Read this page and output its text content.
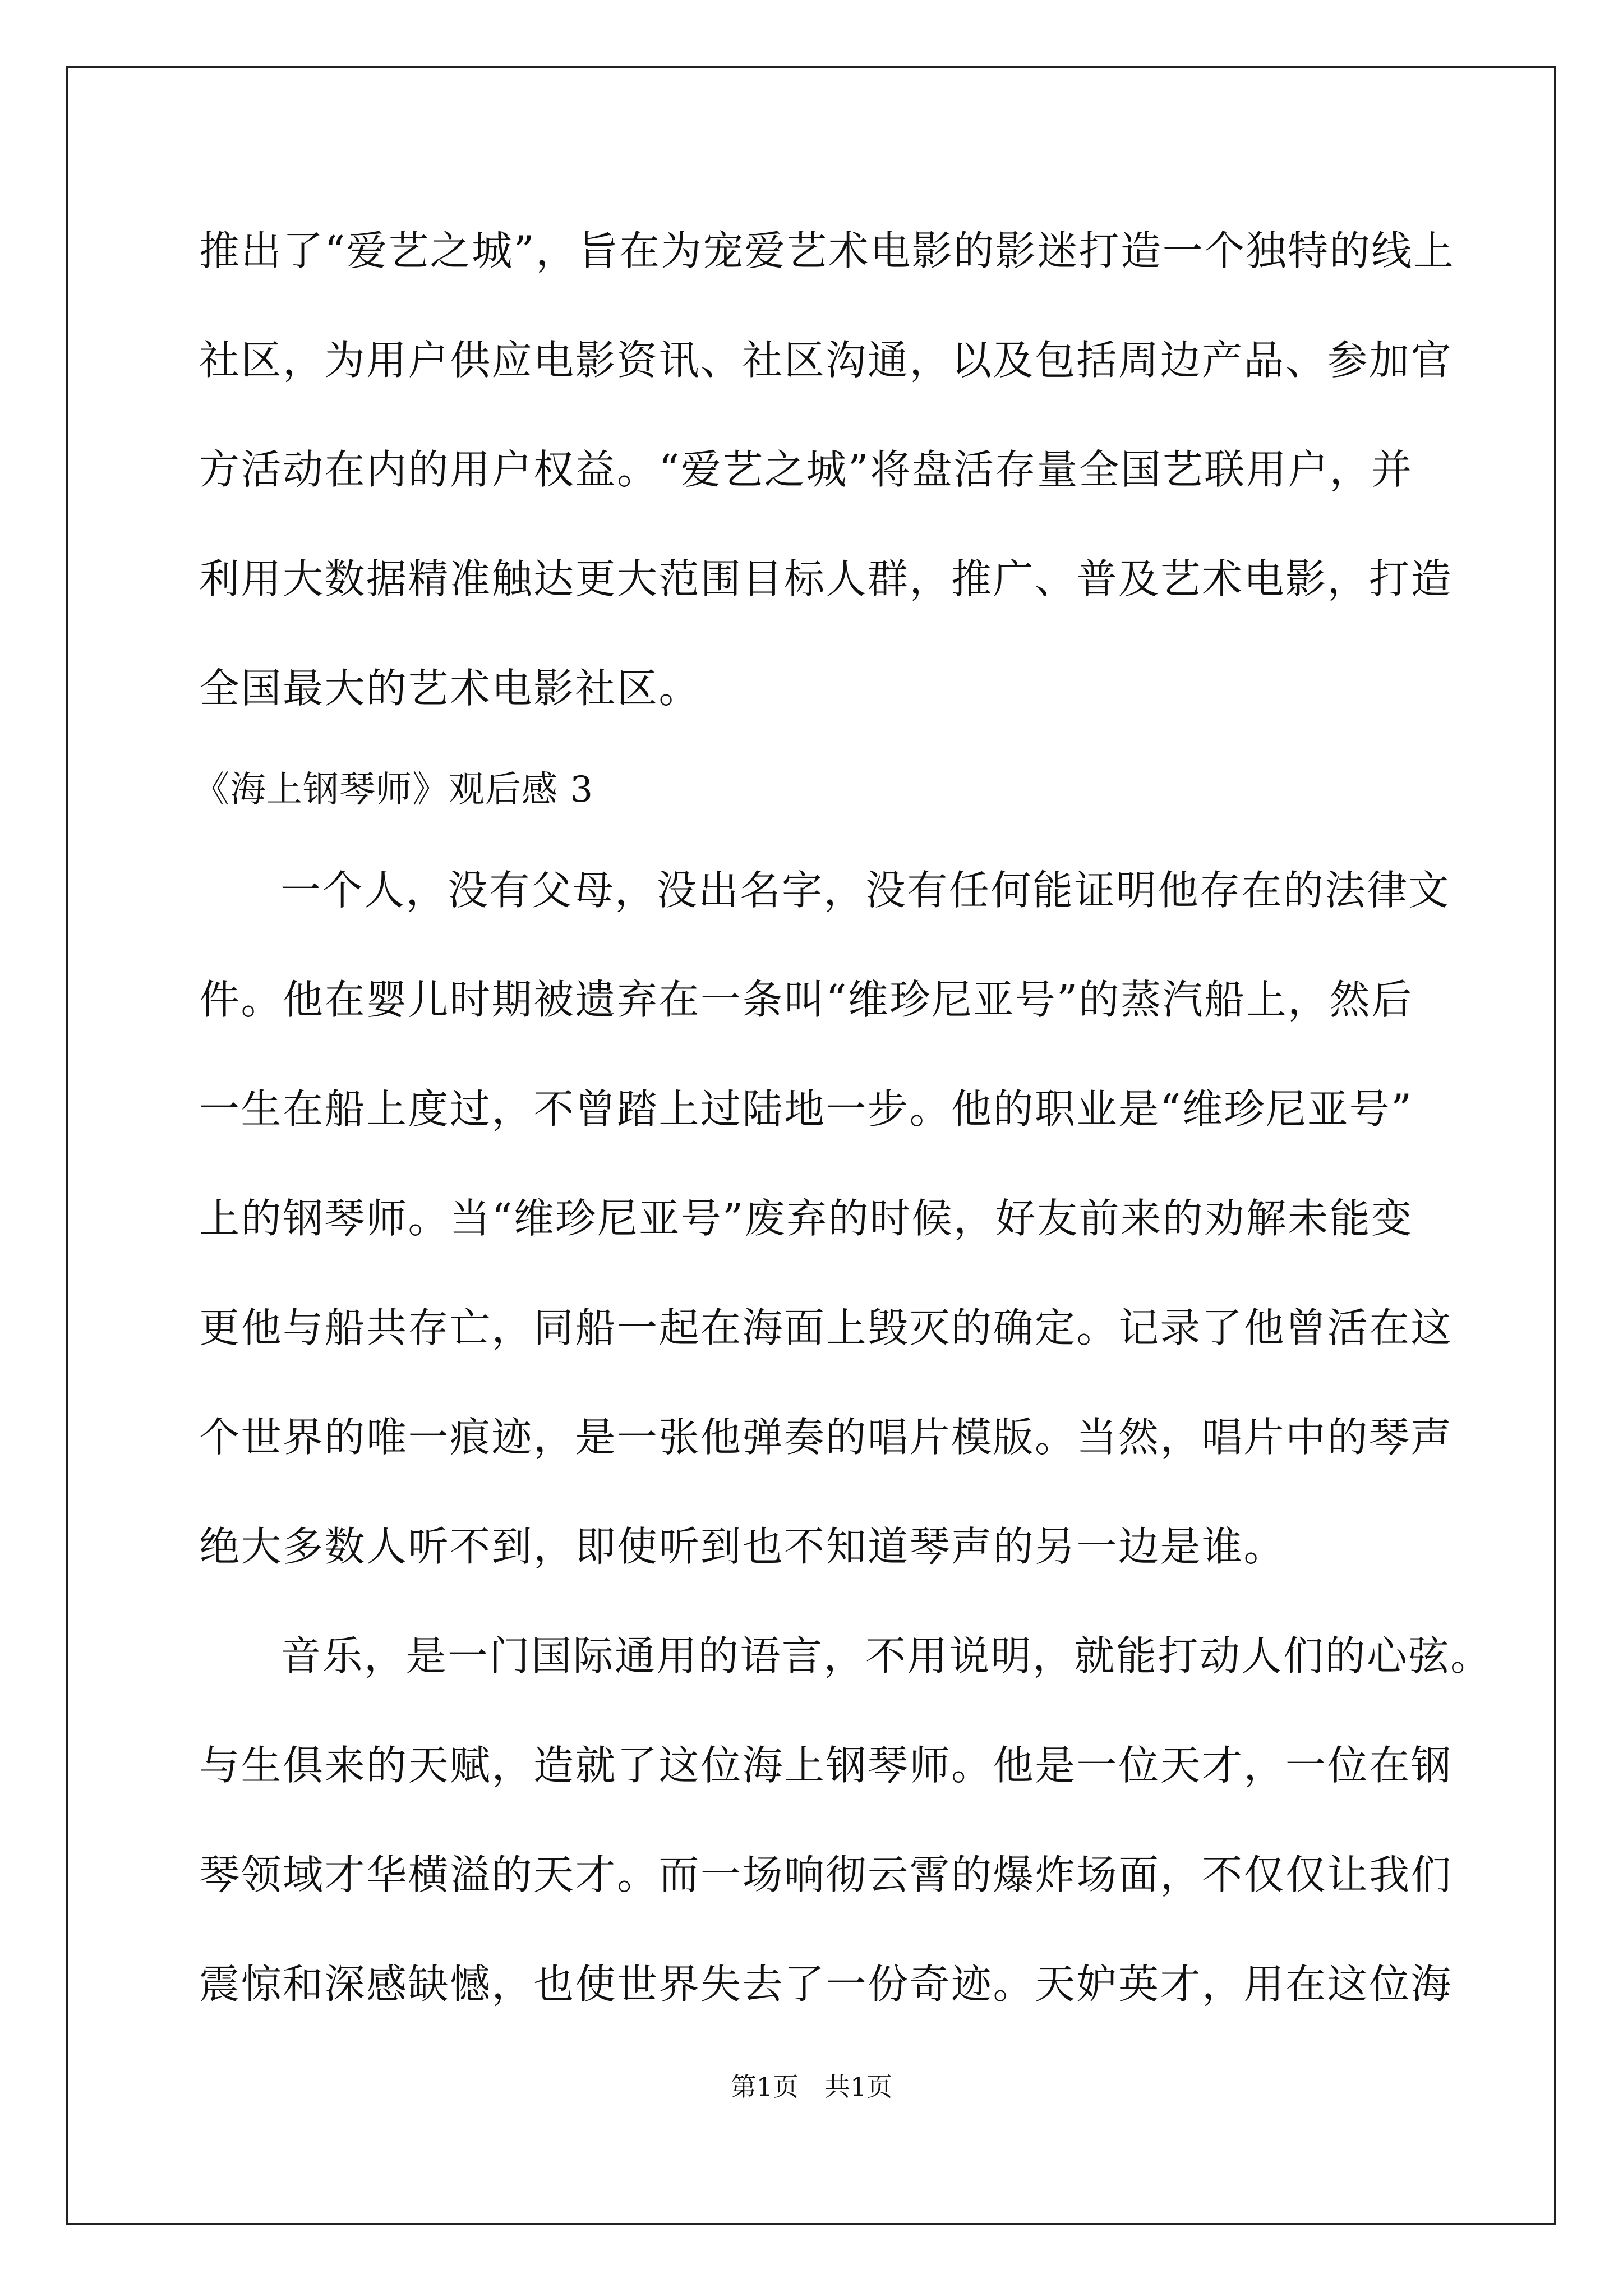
推出了“爱艺之城”，旨在为宠爱艺术电影的影迷打造一个独特的线上
社区，为用户供应电影资讯、社区沟通，以及包括周边产品、参加官
方活动在内的用户权益。“爱艺之城”将盘活存量全国艺联用户，并
利用大数据精准触达更大范围目标人群，推广、普及艺术电影，打造
全国最大的艺术电影社区。
《海上钢琴师》观后感 3
一个人，没有父母，没出名字，没有任何能证明他存在的法律文
件。他在婴儿时期被遗弃在一条叫“维珍尼亚号”的蒸汽船上，然后
一生在船上度过，不曾踏上过陆地一步。他的职业是“维珍尼亚号”
上的钢琴师。当“维珍尼亚号”废弃的时候，好友前来的劝解未能变
更他与船共存亡，同船一起在海面上毁灭的确定。记录了他曾活在这
个世界的唯一痕迹，是一张他弹奏的唱片模版。当然，唱片中的琴声
绝大多数人听不到，即使听到也不知道琴声的另一边是谁。
音乐，是一门国际通用的语言，不用说明，就能打动人们的心弦。
与生俱来的天赋，造就了这位海上钢琴师。他是一位天才，一位在钢
琴领域才华横溢的天才。而一场响彻云霄的爆炸场面，不仅仅让我们
震惊和深感缺憾，也使世界失去了一份奇迹。天妒英才，用在这位海
第1页　共1页
